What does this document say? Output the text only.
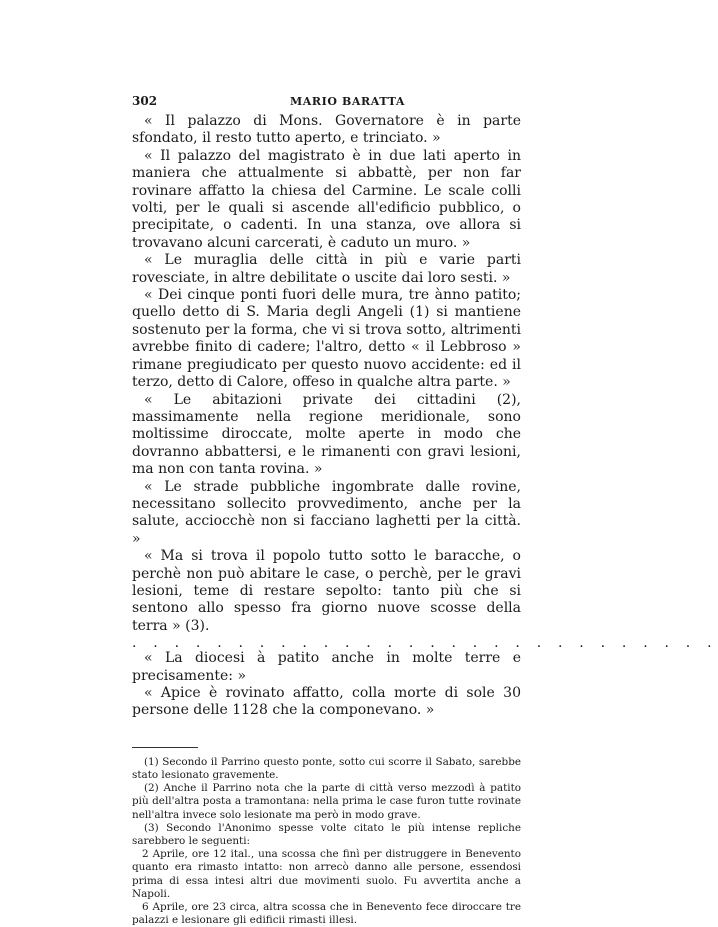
302	MARIO BARATTA

« Il palazzo di Mons. Governatore è in parte sfondato, il resto tutto aperto, e trinciato. »

« Il palazzo del magistrato è in due lati aperto in maniera che attualmente si abbattè, per non far rovinare affatto la chiesa del Carmine. Le scale colli volti, per le quali si ascende all'edificio pubblico, o precipitate, o cadenti. In una stanza, ove allora si trovavano alcuni carcerati, è caduto un muro. »

« Le muraglia delle città in più e varie parti rovesciate, in altre debilitate o uscite dai loro sesti. »

« Dei cinque ponti fuori delle mura, tre ànno patito; quello detto di S. Maria degli Angeli (1) si mantiene sostenuto per la forma, che vi si trova sotto, altrimenti avrebbe finito di cadere; l'altro, detto « il Lebbroso » rimane pregiudicato per questo nuovo accidente: ed il terzo, detto di Calore, offeso in qualche altra parte. »

« Le abitazioni private dei cittadini (2), massimamente nella regione meridionale, sono moltissime diroccate, molte aperte in modo che dovranno abbattersi, e le rimanenti con gravi lesioni, ma non con tanta rovina. »

« Le strade pubbliche ingombrate dalle rovine, necessitano sollecito provvedimento, anche per la salute, acciocchè non si facciano laghetti per la città. »

« Ma si trova il popolo tutto sotto le baracche, o perchè non può abitare le case, o perchè, per le gravi lesioni, teme di restare sepolto: tanto più che si sentono allo spesso fra giorno nuove scosse della terra » (3).

. . . . . . . . . . . . . . . . . . . . . . . . . . . .

« La diocesi à patito anche in molte terre e precisamente: »

« Apice è rovinato affatto, colla morte di sole 30 persone delle 1128 che la componevano. »

(1) Secondo il Parrino questo ponte, sotto cui scorre il Sabato, sarebbe stato lesionato gravemente.

(2) Anche il Parrino nota che la parte di città verso mezzodì à patito più dell'altra posta a tramontana: nella prima le case furon tutte rovinate nell'altra invece solo lesionate ma però in modo grave.

(3) Secondo l'Anonimo spesse volte citato le più intense repliche sarebbero le seguenti:

2 Aprile, ore 12 ital., una scossa che finì per distruggere in Benevento quanto era rimasto intatto: non arrecò danno alle persone, essendosi prima di essa intesi altri due movimenti suolo. Fu avvertita anche a Napoli.

6 Aprile, ore 23 circa, altra scossa che in Benevento fece diroccare tre palazzi e lesionare gli edificii rimasti illesi.
